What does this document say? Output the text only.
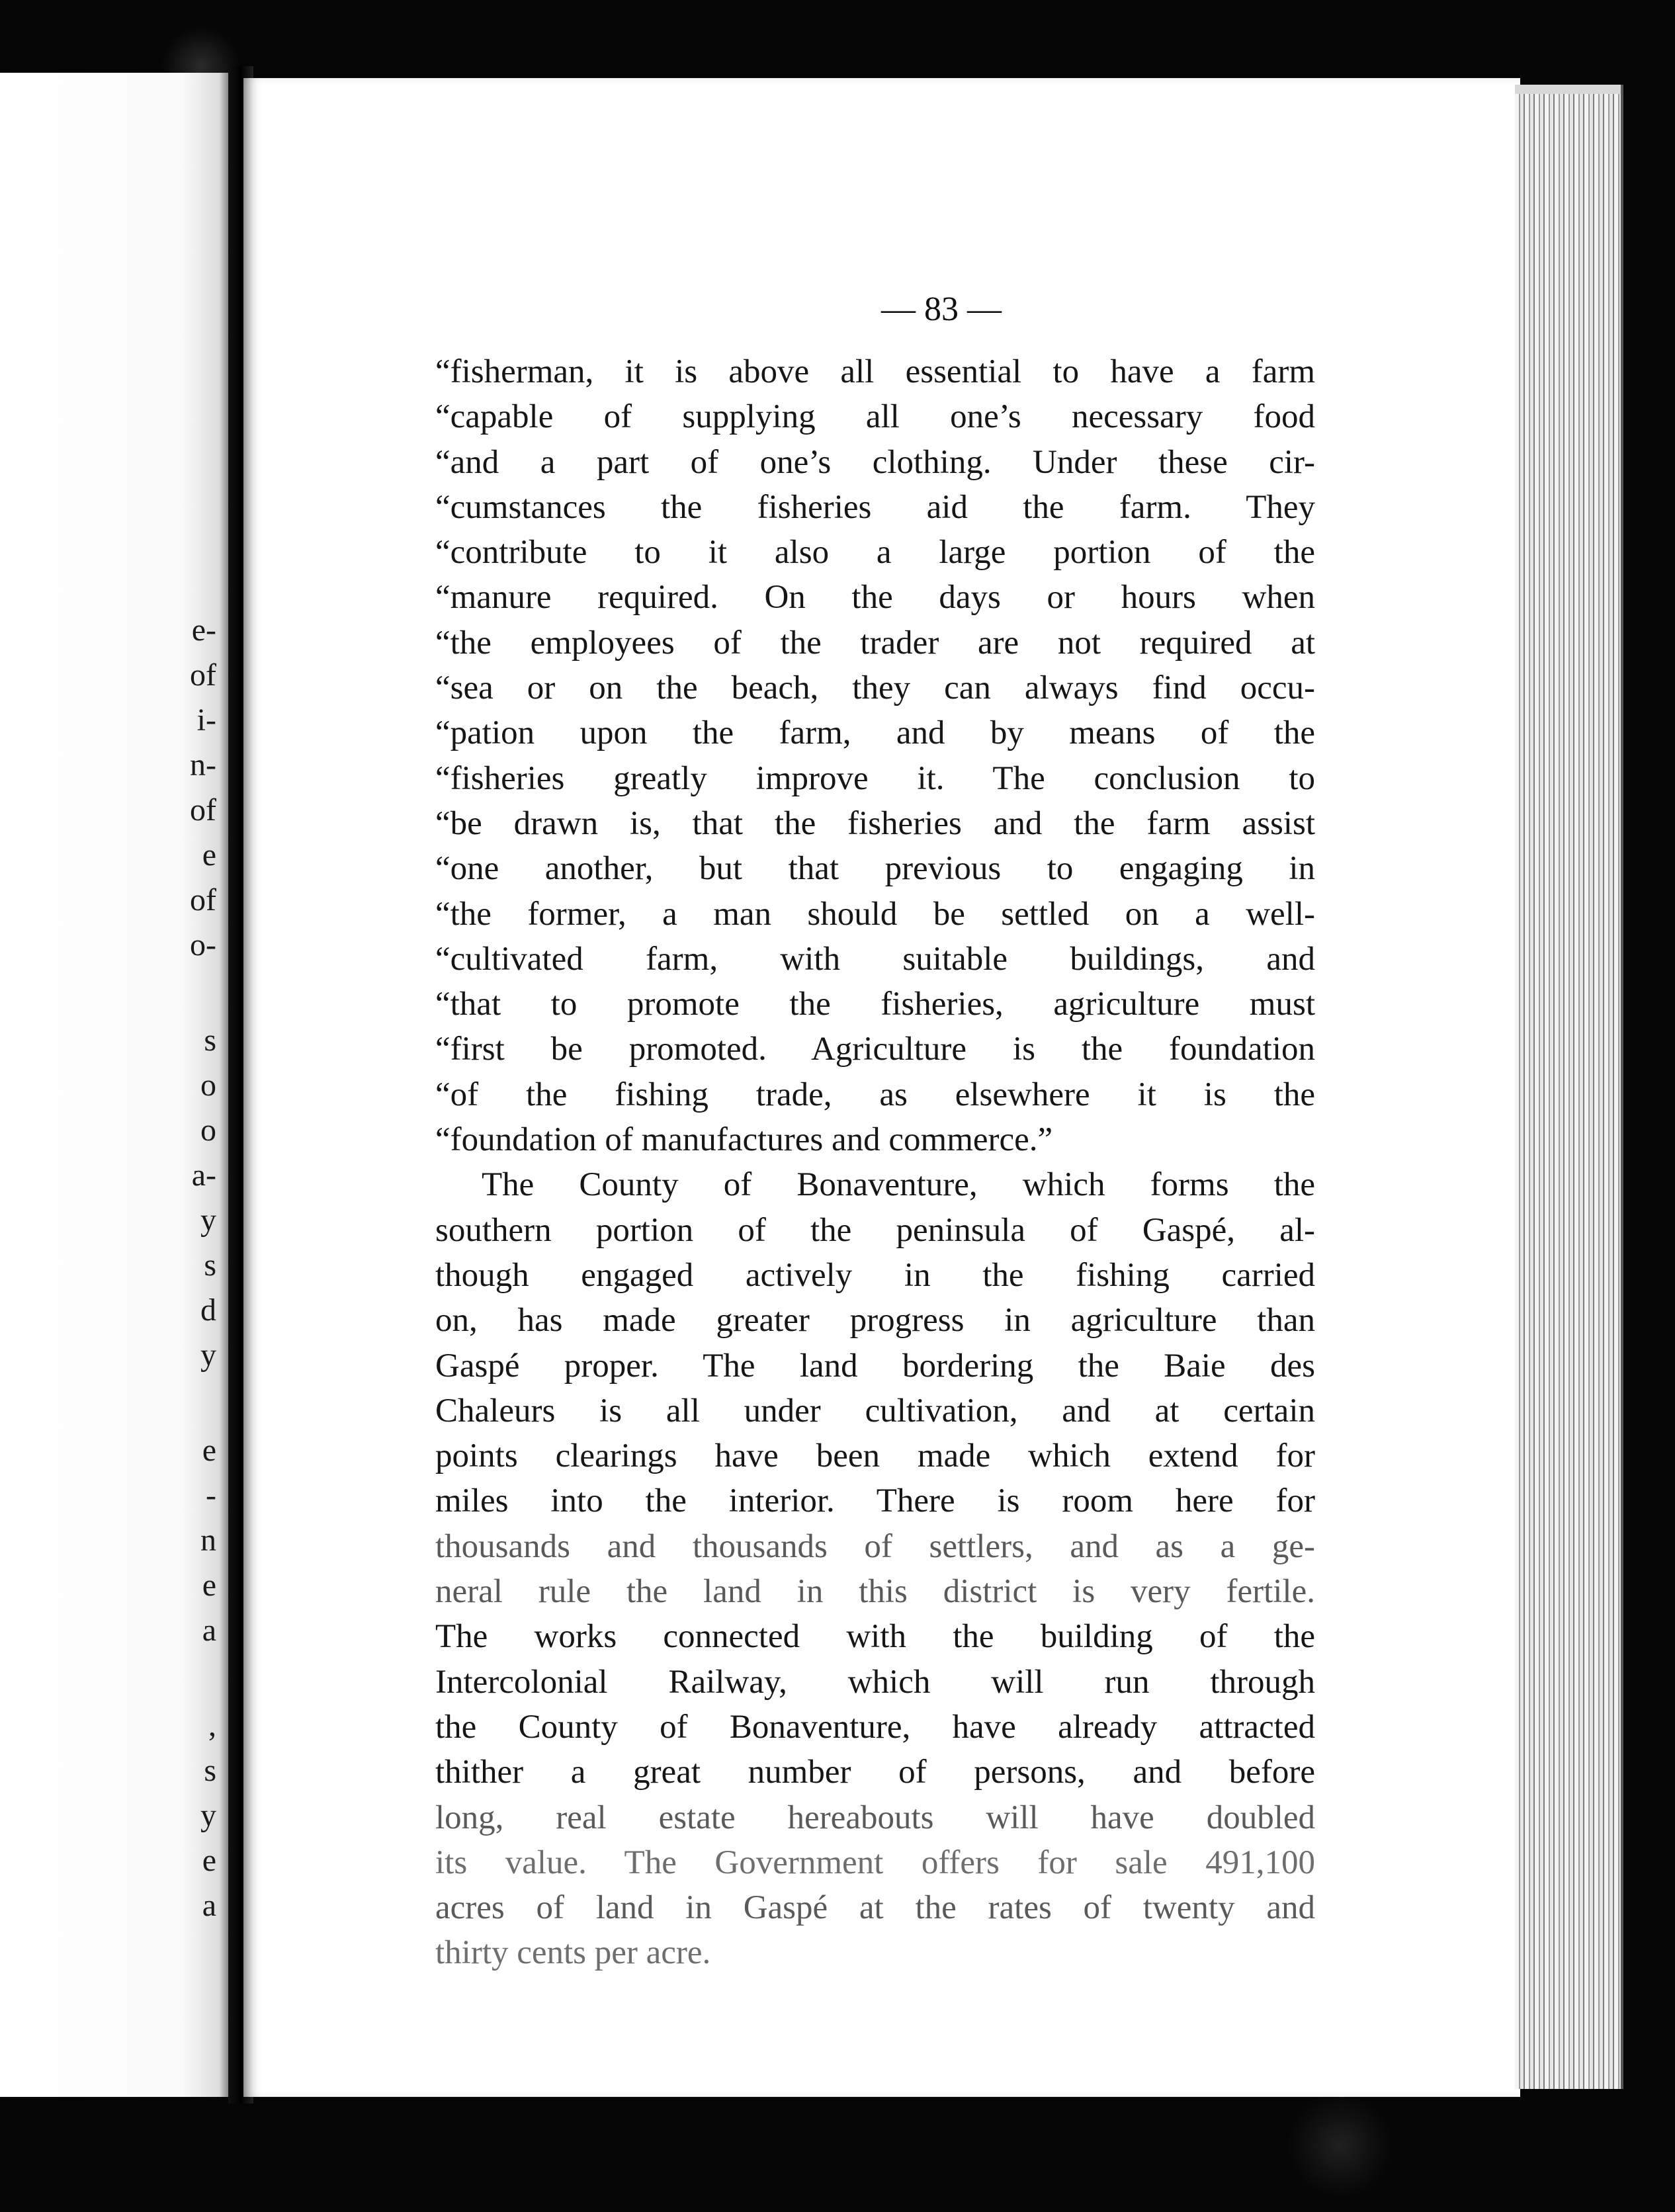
e-
of
i-
n-
of
e
of
o-
s
o
o
a-
y
s
d
y
e
-
n
e
a
,
s
y
e
a
— 83 —
“fisherman, it is above all essential to have a farm
“capable of supplying all one’s necessary food
“and a part of one’s clothing. Under these cir-
“cumstances the fisheries aid the farm. They
“contribute to it also a large portion of the
“manure required. On the days or hours when
“the employees of the trader are not required at
“sea or on the beach, they can always find occu-
“pation upon the farm, and by means of the
“fisheries greatly improve it. The conclusion to
“be drawn is, that the fisheries and the farm assist
“one another, but that previous to engaging in
“the former, a man should be settled on a well-
“cultivated farm, with suitable buildings, and
“that to promote the fisheries, agriculture must
“first be promoted. Agriculture is the foundation
“of the fishing trade, as elsewhere it is the
“foundation of manufactures and commerce.”
The County of Bonaventure, which forms the
southern portion of the peninsula of Gaspé, al-
though engaged actively in the fishing carried
on, has made greater progress in agriculture than
Gaspé proper. The land bordering the Baie des
Chaleurs is all under cultivation, and at certain
points clearings have been made which extend for
miles into the interior. There is room here for
thousands and thousands of settlers, and as a ge-
neral rule the land in this district is very fertile.
The works connected with the building of the
Intercolonial Railway, which will run through
the County of Bonaventure, have already attracted
thither a great number of persons, and before
long, real estate hereabouts will have doubled
its value. The Government offers for sale 491,100
acres of land in Gaspé at the rates of twenty and
thirty cents per acre.
